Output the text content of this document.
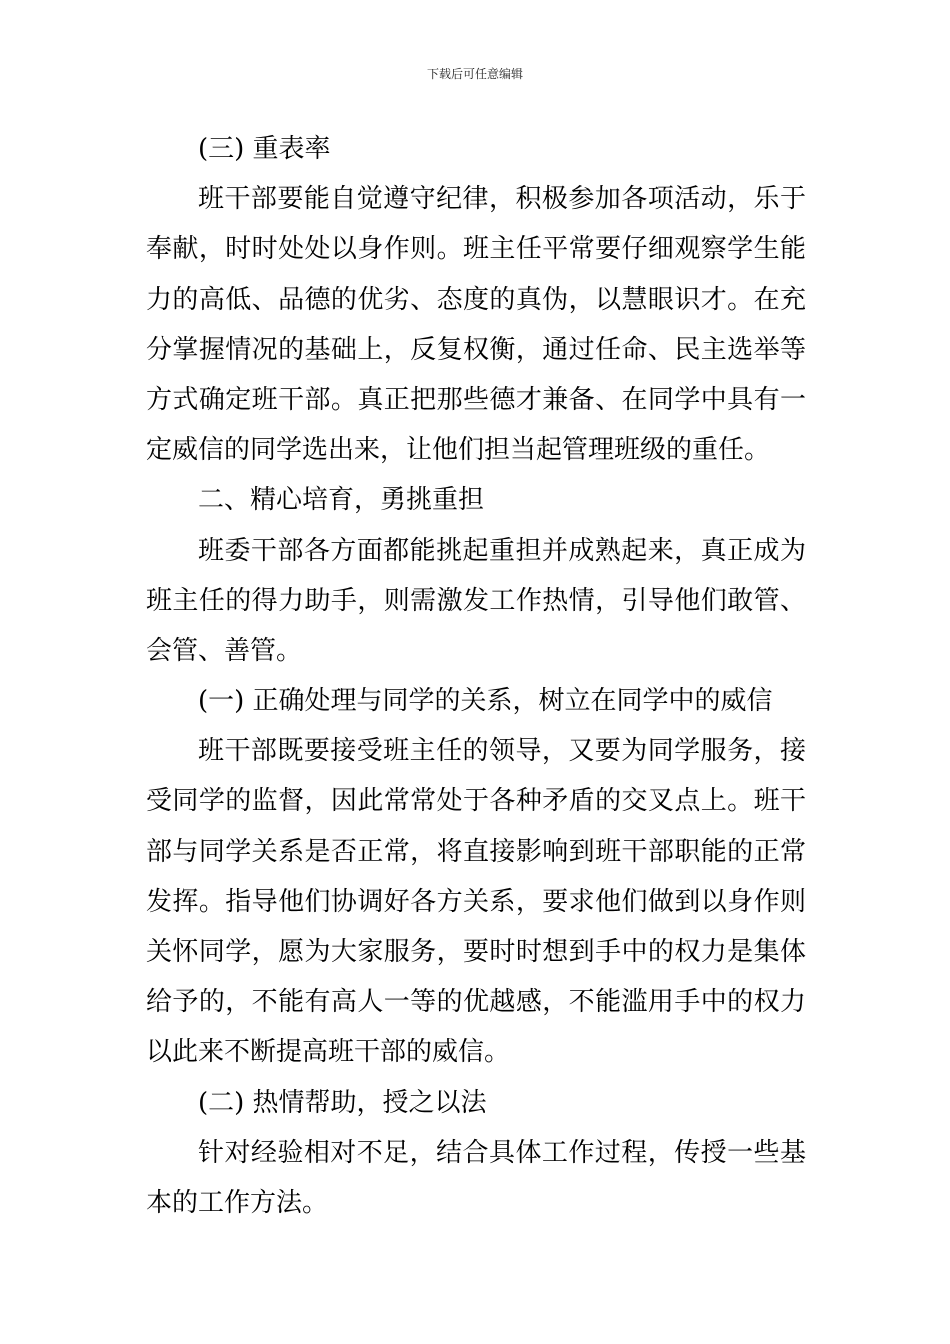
下载后可任意编辑
(三) 重表率
班干部要能自觉遵守纪律，积极参加各项活动，乐于
奉献，时时处处以身作则。班主任平常要仔细观察学生能
力的高低、品德的优劣、态度的真伪，以慧眼识才。在充
分掌握情况的基础上，反复权衡，通过任命、民主选举等
方式确定班干部。真正把那些德才兼备、在同学中具有一
定威信的同学选出来，让他们担当起管理班级的重任。
二、精心培育，勇挑重担
班委干部各方面都能挑起重担并成熟起来，真正成为
班主任的得力助手，则需激发工作热情，引导他们敢管、
会管、善管。
(一) 正确处理与同学的关系，树立在同学中的威信
班干部既要接受班主任的领导，又要为同学服务，接
受同学的监督，因此常常处于各种矛盾的交叉点上。班干
部与同学关系是否正常，将直接影响到班干部职能的正常
发挥。指导他们协调好各方关系，要求他们做到以身作则
关怀同学，愿为大家服务，要时时想到手中的权力是集体
给予的，不能有高人一等的优越感，不能滥用手中的权力
以此来不断提高班干部的威信。
(二) 热情帮助，授之以法
针对经验相对不足，结合具体工作过程，传授一些基
本的工作方法。
